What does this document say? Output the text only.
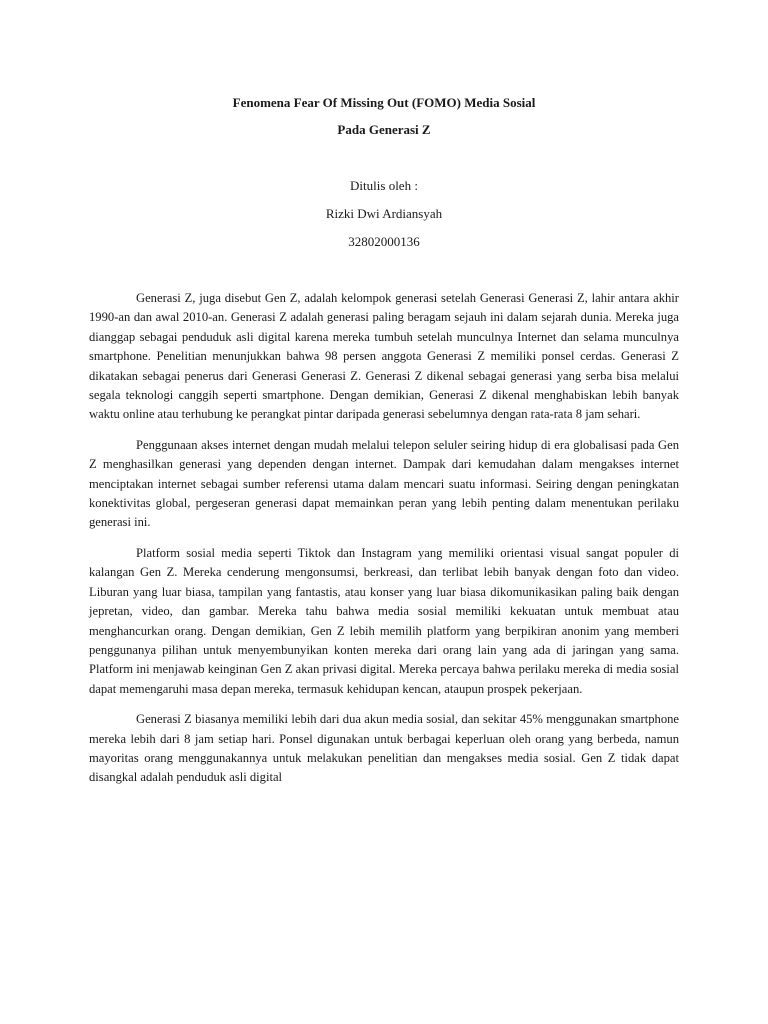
Fenomena Fear Of Missing Out (FOMO) Media Sosial
Pada Generasi Z
Ditulis oleh :
Rizki Dwi Ardiansyah
32802000136

Generasi Z, juga disebut Gen Z, adalah kelompok generasi setelah Generasi Generasi Z, lahir antara akhir 1990-an dan awal 2010-an. Generasi Z adalah generasi paling beragam sejauh ini dalam sejarah dunia. Mereka juga dianggap sebagai penduduk asli digital karena mereka tumbuh setelah munculnya Internet dan selama munculnya smartphone. Penelitian menunjukkan bahwa 98 persen anggota Generasi Z memiliki ponsel cerdas. Generasi Z dikatakan sebagai penerus dari Generasi Generasi Z. Generasi Z dikenal sebagai generasi yang serba bisa melalui segala teknologi canggih seperti smartphone. Dengan demikian, Generasi Z dikenal menghabiskan lebih banyak waktu online atau terhubung ke perangkat pintar daripada generasi sebelumnya dengan rata-rata 8 jam sehari.

Penggunaan akses internet dengan mudah melalui telepon seluler seiring hidup di era globalisasi pada Gen Z menghasilkan generasi yang dependen dengan internet. Dampak dari kemudahan dalam mengakses internet menciptakan internet sebagai sumber referensi utama dalam mencari suatu informasi. Seiring dengan peningkatan konektivitas global, pergeseran generasi dapat memainkan peran yang lebih penting dalam menentukan perilaku generasi ini.

Platform sosial media seperti Tiktok dan Instagram yang memiliki orientasi visual sangat populer di kalangan Gen Z. Mereka cenderung mengonsumsi, berkreasi, dan terlibat lebih banyak dengan foto dan video. Liburan yang luar biasa, tampilan yang fantastis, atau konser yang luar biasa dikomunikasikan paling baik dengan jepretan, video, dan gambar. Mereka tahu bahwa media sosial memiliki kekuatan untuk membuat atau menghancurkan orang. Dengan demikian, Gen Z lebih memilih platform yang berpikiran anonim yang memberi penggunanya pilihan untuk menyembunyikan konten mereka dari orang lain yang ada di jaringan yang sama. Platform ini menjawab keinginan Gen Z akan privasi digital. Mereka percaya bahwa perilaku mereka di media sosial dapat memengaruhi masa depan mereka, termasuk kehidupan kencan, ataupun prospek pekerjaan.

Generasi Z biasanya memiliki lebih dari dua akun media sosial, dan sekitar 45% menggunakan smartphone mereka lebih dari 8 jam setiap hari. Ponsel digunakan untuk berbagai keperluan oleh orang yang berbeda, namun mayoritas orang menggunakannya untuk melakukan penelitian dan mengakses media sosial. Gen Z tidak dapat disangkal adalah penduduk asli digital
